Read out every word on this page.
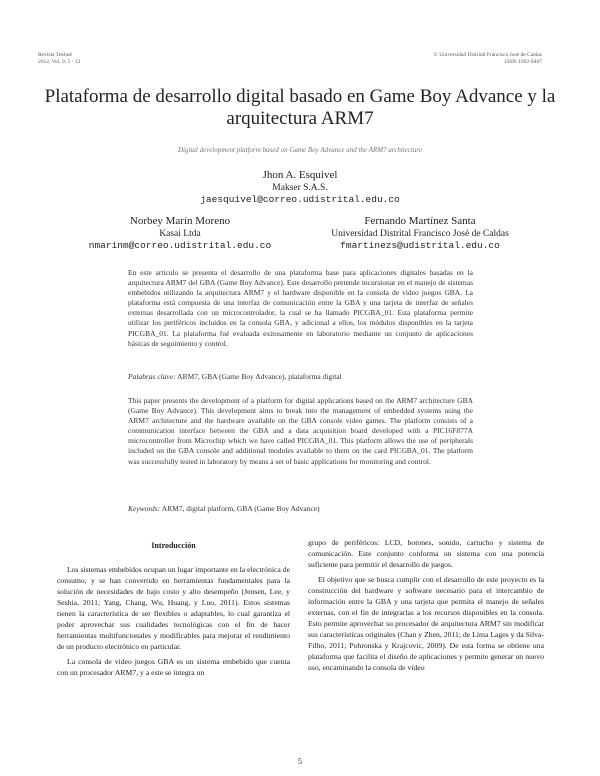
Revista Tekhnê
2012, Vol. 9, 5 - 12
© Universidad Distrital Francisco José de Caldas
ISSN 1692-8407
Plataforma de desarrollo digital basado en Game Boy Advance y la arquitectura ARM7
Digital development platform based on Game Boy Advance and the ARM7 architecture
Jhon A. Esquivel
Makser S.A.S.
jaesquivel@correo.udistrital.edu.co
Norbey Marín Moreno
Kasai Ltda
nmarinm@correo.udistrital.edu.co
Fernando Martínez Santa
Universidad Distrital Francisco José de Caldas
fmartinezs@udistrital.edu.co
En este artículo se presenta el desarrollo de una plataforma base para aplicaciones digitales basadas en la arquitectura ARM7 del GBA (Game Boy Advance). Este desarrollo pretende incursionar en el manejo de sistemas embebidos utilizando la arquitectura ARM7 y el hardware disponible en la consola de video juegos GBA. La plataforma está compuesta de una interfaz de comunicación entre la GBA y una tarjeta de interfaz de señales externas desarrollada con un microcontrolador, la cual se ha llamado PICGBA_01. Esta plataforma permite utilizar los periféricos incluidos en la consola GBA, y adicional a ellos, los módulos disponibles en la tarjeta PICGBA_01. La plataforma fué evaluada exitosamente en laboratorio mediante un conjunto de aplicaciones básicas de seguimiento y control.
Palabras clave: ARM7, GBA (Game Boy Advance), plataforma digital
This paper presents the development of a platform for digital applications based on the ARM7 architecture GBA (Game Boy Advance). This development aims to break into the management of embedded systems using the ARM7 architecture and the hardware available on the GBA console video games. The platform consists of a communication interface between the GBA and a data acquisition board developed with a PIC16F877A microcontroller from Microchip which we have called PICGBA_01. This platform allows the use of peripherals included on the GBA console and additional modules available to them on the card PICGBA_01. The platform was successfully tested in laboratory by means a set of basic applications for monitoring and control.
Keywords: ARM7, digital platform, GBA (Game Boy Advance)
Introducción

Los sistemas embebidos ocupan un lugar importante en la electrónica de consumo, y se han convertido en herramientas fundamentales para la solución de necesidades de bajo costo y alto desempeño (Jensen, Lee, y Seshia, 2011; Yang, Chang, Wu, Huang, y Luo, 2011). Estos sistemas tienen la característica de ser flexibles o adaptables, lo cual garantiza el poder aprovechar sus cualidades tecnológicas con el fin de hacer herramientas multifuncionales y modificables para mejorar el rendimiento de un producto electrónico en particular.

La consola de video juegos GBA es un sistema embebido que cuenta con un procesador ARM7, y a este se integra un

grupo de periféricos: LCD, botones, sonido, cartucho y sistema de comunicación. Este conjunto conforma un sistema con una potencia suficiente para permitir el desarrollo de juegos.

El objetivo que se busca cumplir con el desarrollo de este proyecto es la construcción del hardware y software necesario para el intercambio de información entre la GBA y una tarjeta que permita el manejo de señales externas, con el fin de integrarlas a los recursos disponibles en la consola. Esto permite aprovechar su procesador de arquitectura ARM7 sin modificar sus características originales (Chan y Zhen, 2011; de Lima Lages y da Silva-Filho, 2011; Pohronska y Krajcovic, 2009). De esta forma se obtiene una plataforma que facilita el diseño de aplicaciones y permite generar un nuevo uso, encaminando la consola de video

5
